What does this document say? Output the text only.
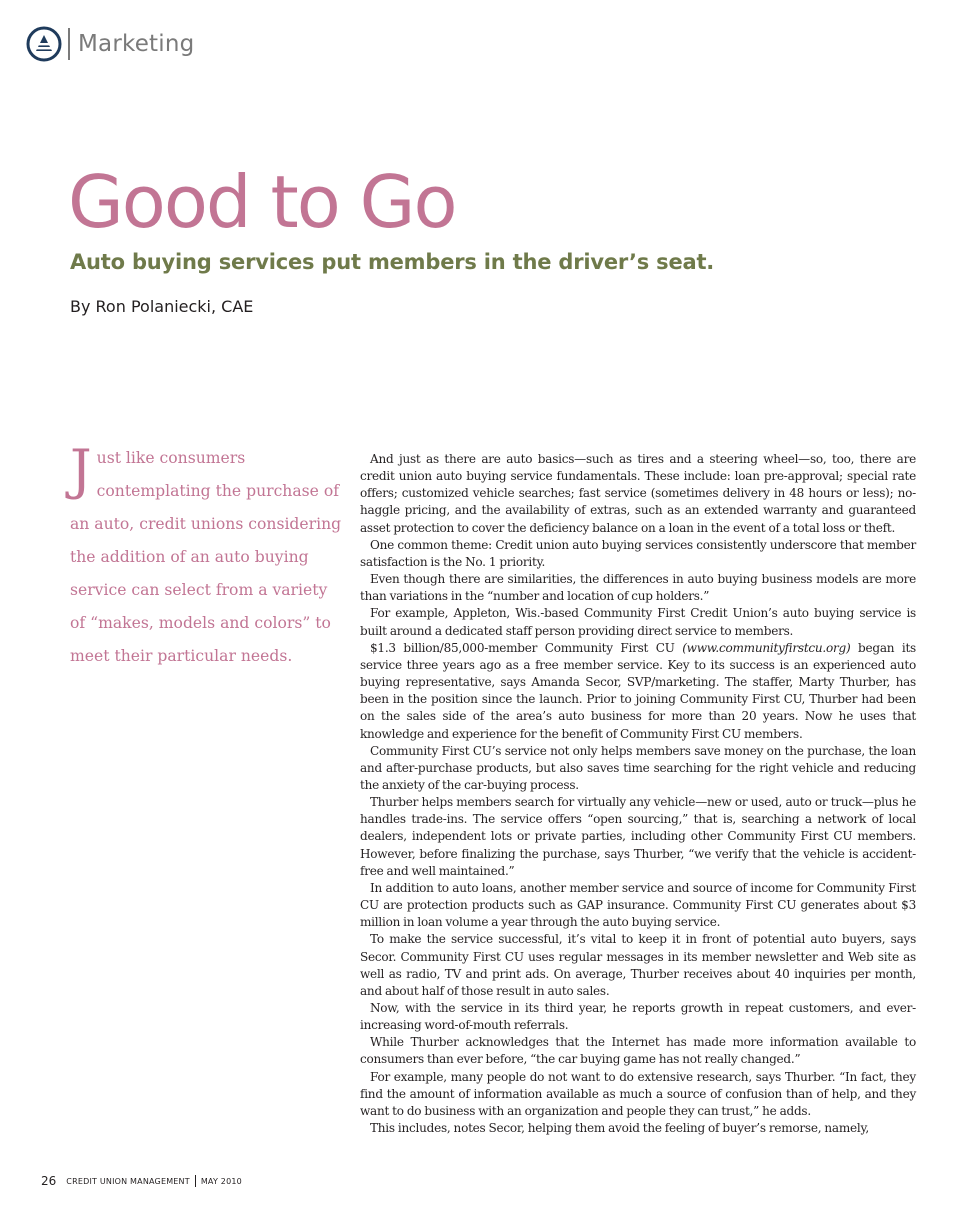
Marketing
Good to Go
Auto buying services put members in the driver’s seat.
By Ron Polaniecki, CAE

Just like consumers contemplating the purchase of an auto, credit unions considering the addition of an auto buying service can select from a variety of “makes, models and colors” to meet their particular needs.

And just as there are auto basics—such as tires and a steering wheel—so, too, there are credit union auto buying service fundamentals. These include: loan pre-approval; special rate offers; customized vehicle searches; fast service (sometimes delivery in 48 hours or less); no-haggle pricing, and the availability of extras, such as an extended warranty and guaranteed asset protection to cover the deficiency balance on a loan in the event of a total loss or theft.

One common theme: Credit union auto buying services consistently underscore that member satisfaction is the No. 1 priority.

Even though there are similarities, the differences in auto buying business models are more than variations in the “number and location of cup holders.”

For example, Appleton, Wis.-based Community First Credit Union’s auto buying service is built around a dedicated staff person providing direct service to members.

$1.3 billion/85,000-member Community First CU (www.communityfirstcu.org) began its service three years ago as a free member service. Key to its success is an experienced auto buying representative, says Amanda Secor, SVP/marketing. The staffer, Marty Thurber, has been in the position since the launch. Prior to joining Community First CU, Thurber had been on the sales side of the area’s auto business for more than 20 years. Now he uses that knowledge and experience for the benefit of Community First CU members.

Community First CU’s service not only helps members save money on the purchase, the loan and after-purchase products, but also saves time searching for the right vehicle and reducing the anxiety of the car-buying process.

Thurber helps members search for virtually any vehicle—new or used, auto or truck—plus he handles trade-ins. The service offers “open sourcing,” that is, searching a network of local dealers, independent lots or private parties, including other Community First CU members. However, before finalizing the purchase, says Thurber, “we verify that the vehicle is accident-free and well maintained.”

In addition to auto loans, another member service and source of income for Community First CU are protection products such as GAP insurance. Community First CU generates about $3 million in loan volume a year through the auto buying service.

To make the service successful, it’s vital to keep it in front of potential auto buyers, says Secor. Community First CU uses regular messages in its member newsletter and Web site as well as radio, TV and print ads. On average, Thurber receives about 40 inquiries per month, and about half of those result in auto sales.

Now, with the service in its third year, he reports growth in repeat customers, and ever-increasing word-of-mouth referrals.

While Thurber acknowledges that the Internet has made more information available to consumers than ever before, “the car buying game has not really changed.”

For example, many people do not want to do extensive research, says Thurber. “In fact, they find the amount of information available as much a source of confusion than of help, and they want to do business with an organization and people they can trust,” he adds.

This includes, notes Secor, helping them avoid the feeling of buyer’s remorse, namely,

26 CREDIT UNION MANAGEMENT MAY 2010
